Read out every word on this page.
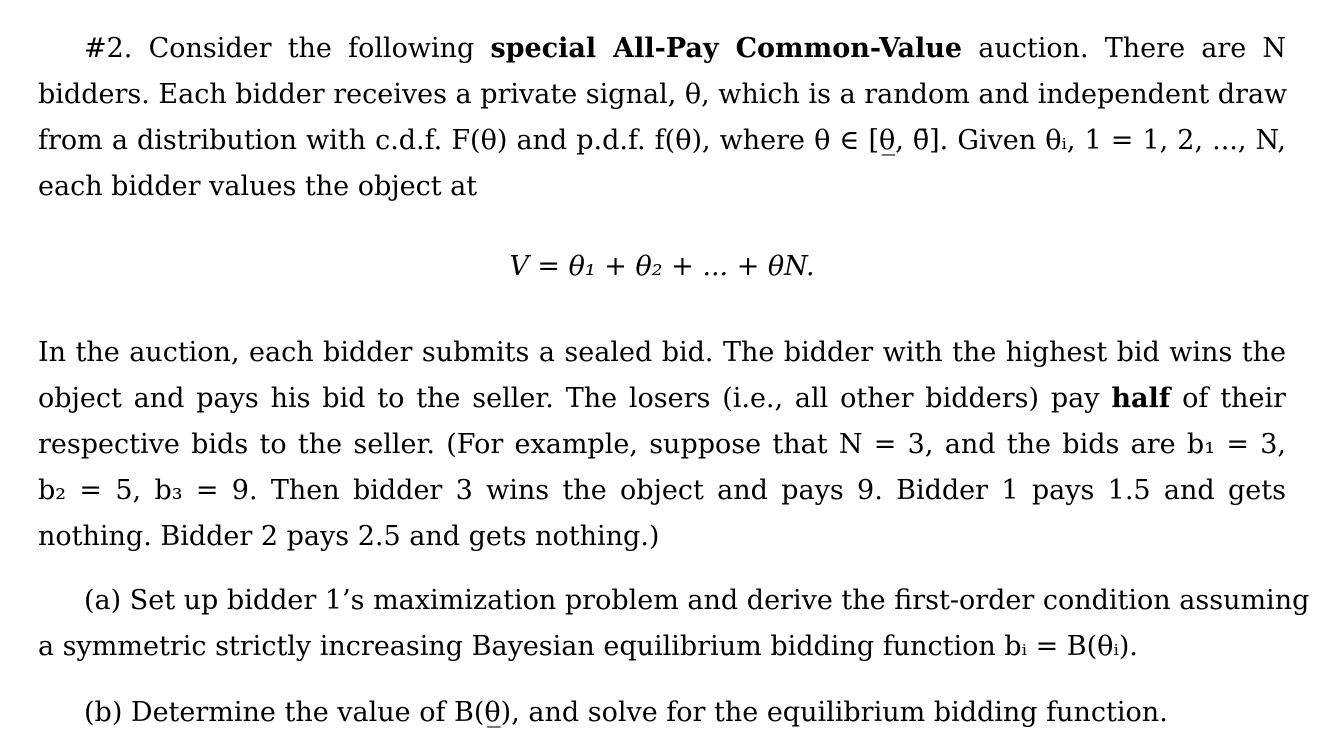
#2. Consider the following special All-Pay Common-Value auction. There are N
bidders. Each bidder receives a private signal, θ, which is a random and independent draw
from a distribution with c.d.f. F(θ) and p.d.f. f(θ), where θ ∈ [θ̲, θ̄]. Given θᵢ, 1 = 1, 2, ..., N,
each bidder values the object at
V = θ₁ + θ₂ + ... + θN.
In the auction, each bidder submits a sealed bid. The bidder with the highest bid wins the
object and pays his bid to the seller. The losers (i.e., all other bidders) pay half of their
respective bids to the seller. (For example, suppose that N = 3, and the bids are b₁ = 3,
b₂ = 5, b₃ = 9. Then bidder 3 wins the object and pays 9. Bidder 1 pays 1.5 and gets
nothing. Bidder 2 pays 2.5 and gets nothing.)
(a) Set up bidder 1’s maximization problem and derive the first-order condition assuming
a symmetric strictly increasing Bayesian equilibrium bidding function bᵢ = B(θᵢ).
(b) Determine the value of B(θ̲), and solve for the equilibrium bidding function.
